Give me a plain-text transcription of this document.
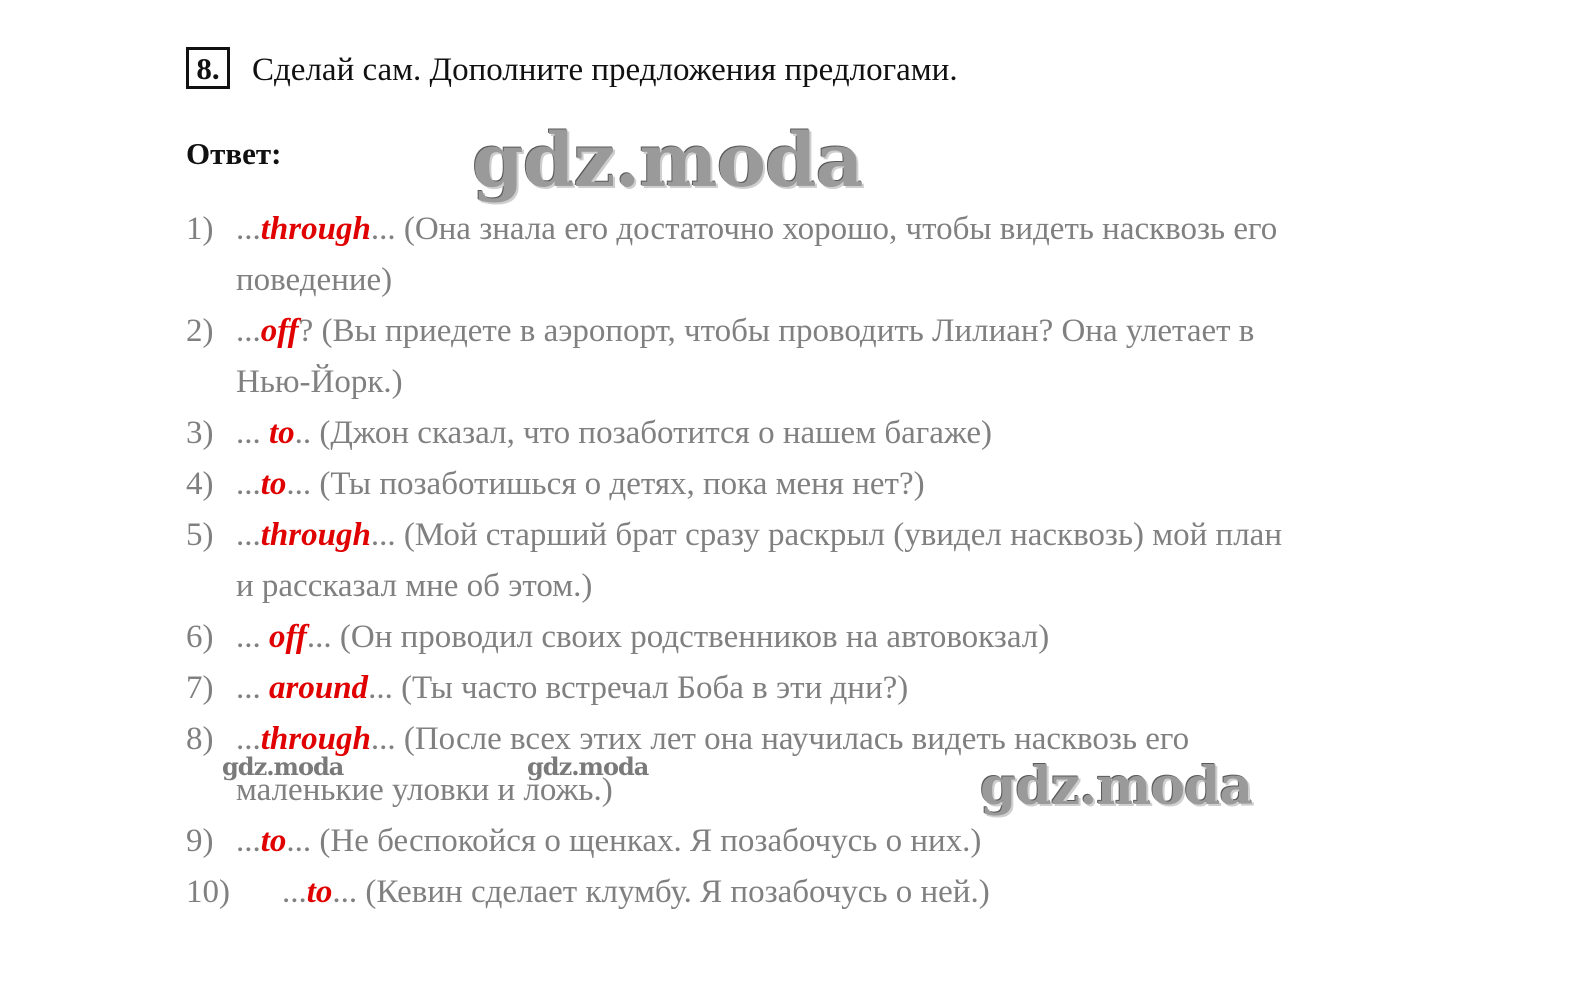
8. Сделай сам. Дополните предложения предлогами.
Ответ:
1) ...through... (Она знала его достаточно хорошо, чтобы видеть насквозь его
поведение)
2) ...off? (Вы приедете в аэропорт, чтобы проводить Лилиан? Она улетает в
Нью-Йорк.)
3) ... to.. (Джон сказал, что позаботится о нашем багаже)
4) ...to... (Ты позаботишься о детях, пока меня нет?)
5) ...through... (Мой старший брат сразу раскрыл (увидел насквозь) мой план
и рассказал мне об этом.)
6) ... off... (Он проводил своих родственников на автовокзал)
7) ... around... (Ты часто встречал Боба в эти дни?)
8) ...through... (После всех этих лет она научилась видеть насквозь его
маленькие уловки и ложь.)
9) ...to... (Не беспокойся о щенках. Я позабочусь о них.)
10) ...to... (Кевин сделает клумбу. Я позабочусь о ней.)
gdz.moda
gdz.moda
gdz.moda	gdz.moda
